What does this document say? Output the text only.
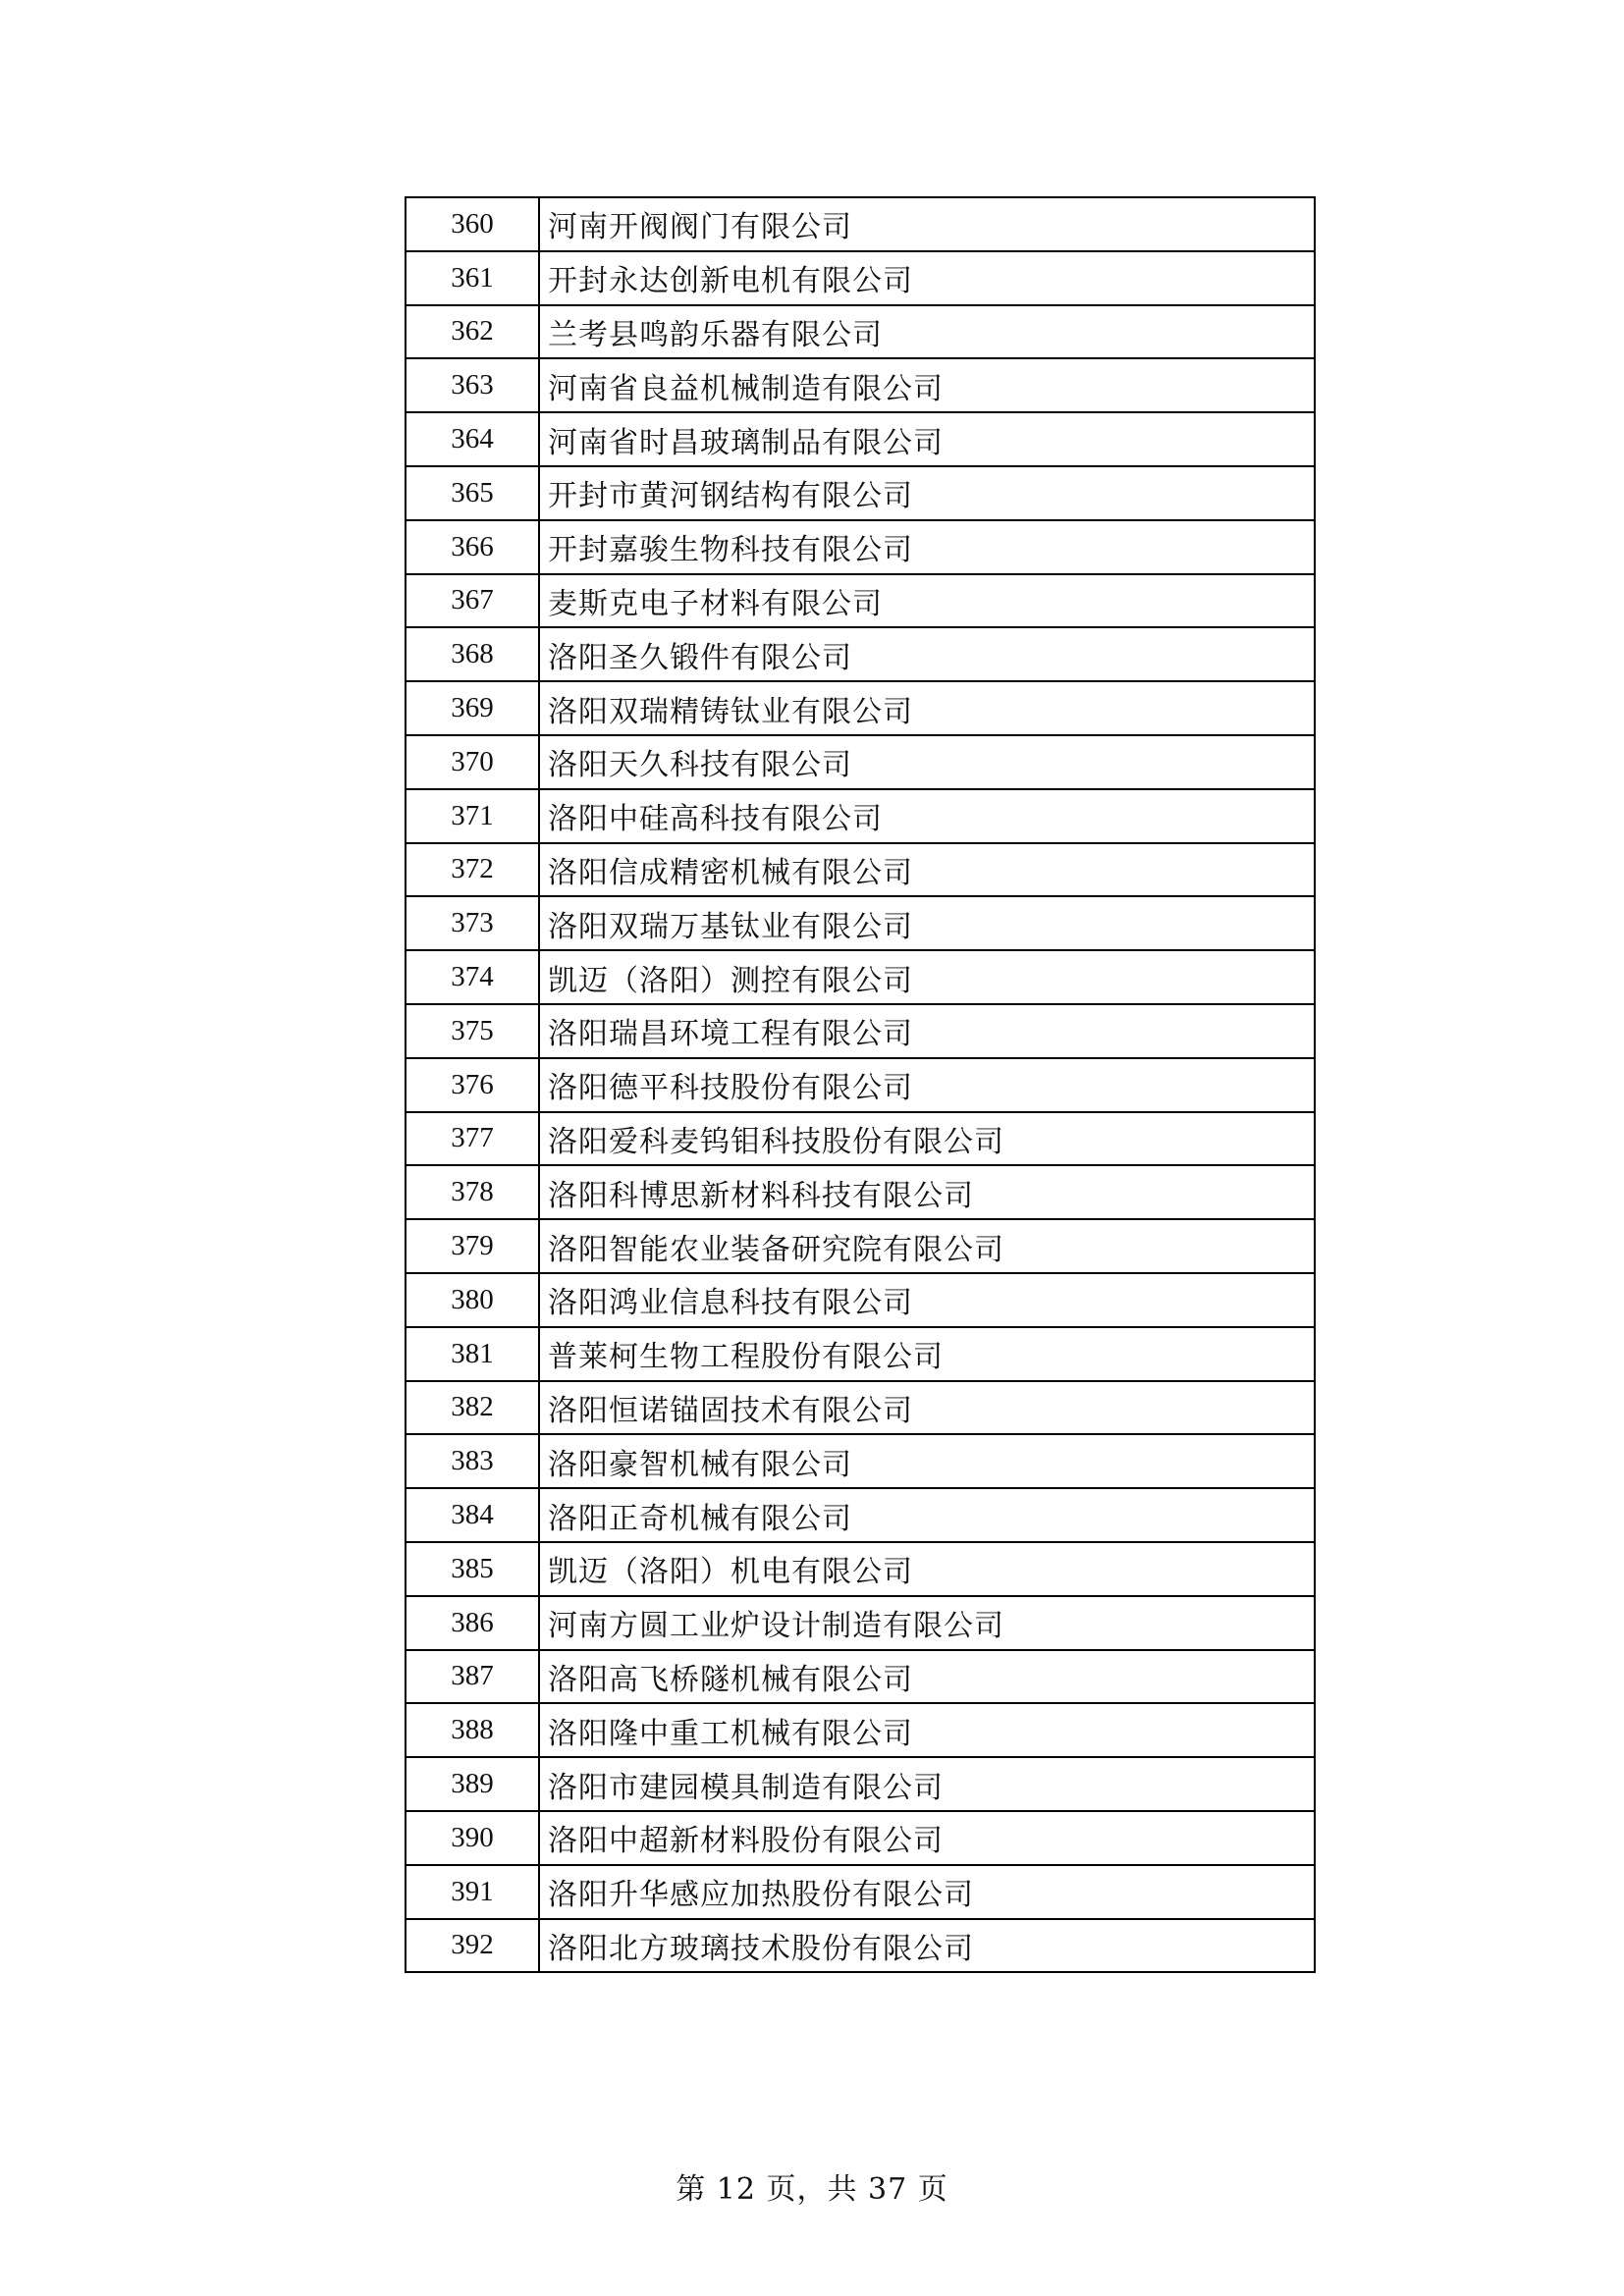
360	河南开阀阀门有限公司
361	开封永达创新电机有限公司
362	兰考县鸣韵乐器有限公司
363	河南省良益机械制造有限公司
364	河南省时昌玻璃制品有限公司
365	开封市黄河钢结构有限公司
366	开封嘉骏生物科技有限公司
367	麦斯克电子材料有限公司
368	洛阳圣久锻件有限公司
369	洛阳双瑞精铸钛业有限公司
370	洛阳天久科技有限公司
371	洛阳中硅高科技有限公司
372	洛阳信成精密机械有限公司
373	洛阳双瑞万基钛业有限公司
374	凯迈（洛阳）测控有限公司
375	洛阳瑞昌环境工程有限公司
376	洛阳德平科技股份有限公司
377	洛阳爱科麦钨钼科技股份有限公司
378	洛阳科博思新材料科技有限公司
379	洛阳智能农业装备研究院有限公司
380	洛阳鸿业信息科技有限公司
381	普莱柯生物工程股份有限公司
382	洛阳恒诺锚固技术有限公司
383	洛阳豪智机械有限公司
384	洛阳正奇机械有限公司
385	凯迈（洛阳）机电有限公司
386	河南方圆工业炉设计制造有限公司
387	洛阳高飞桥隧机械有限公司
388	洛阳隆中重工机械有限公司
389	洛阳市建园模具制造有限公司
390	洛阳中超新材料股份有限公司
391	洛阳升华感应加热股份有限公司
392	洛阳北方玻璃技术股份有限公司
第 12 页，共 37 页
